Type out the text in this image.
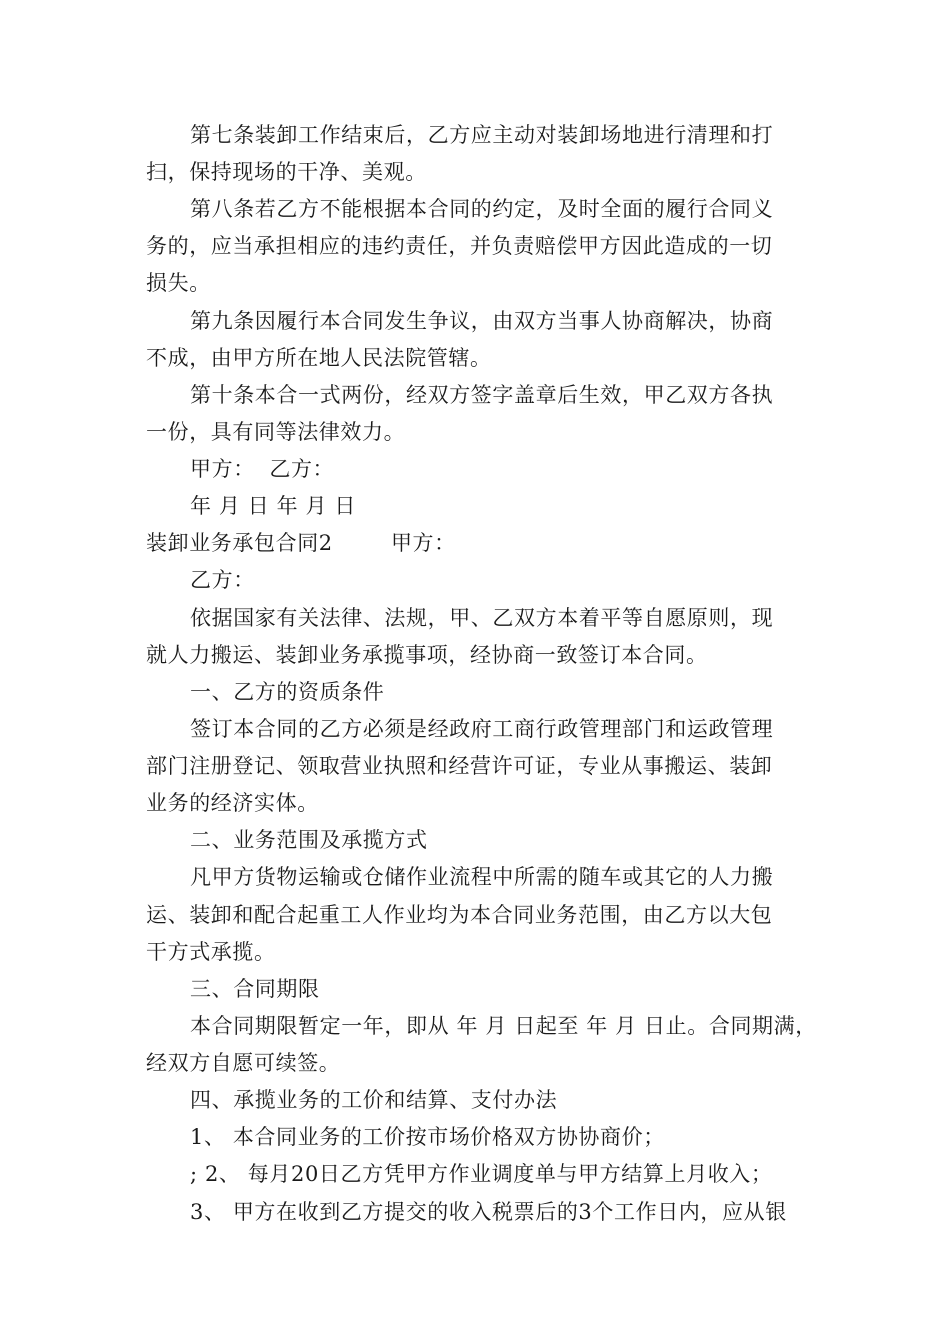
第七条装卸工作结束后，乙方应主动对装卸场地进行清理和打
扫，保持现场的干净、美观。
第八条若乙方不能根据本合同的约定，及时全面的履行合同义
务的，应当承担相应的违约责任，并负责赔偿甲方因此造成的一切
损失。
第九条因履行本合同发生争议，由双方当事人协商解决，协商
不成，由甲方所在地人民法院管辖。
第十条本合一式两份，经双方签字盖章后生效，甲乙双方各执
一份，具有同等法律效力。
甲方：  乙方：
年 月 日 年 月 日
装卸业务承包合同2        甲方：
乙方：
依据国家有关法律、法规，甲、乙双方本着平等自愿原则，现
就人力搬运、装卸业务承揽事项，经协商一致签订本合同。
一、乙方的资质条件
签订本合同的乙方必须是经政府工商行政管理部门和运政管理
部门注册登记、领取营业执照和经营许可证，专业从事搬运、装卸
业务的经济实体。
二、业务范围及承揽方式
凡甲方货物运输或仓储作业流程中所需的随车或其它的人力搬
运、装卸和配合起重工人作业均为本合同业务范围，由乙方以大包
干方式承揽。
三、合同期限
本合同期限暂定一年，即从 年 月 日起至 年 月 日止。合同期满，
经双方自愿可续签。
四、承揽业务的工价和结算、支付办法
1、 本合同业务的工价按市场价格双方协协商价；
; 2、 每月20日乙方凭甲方作业调度单与甲方结算上月收入；
3、 甲方在收到乙方提交的收入税票后的3个工作日内，应从银
